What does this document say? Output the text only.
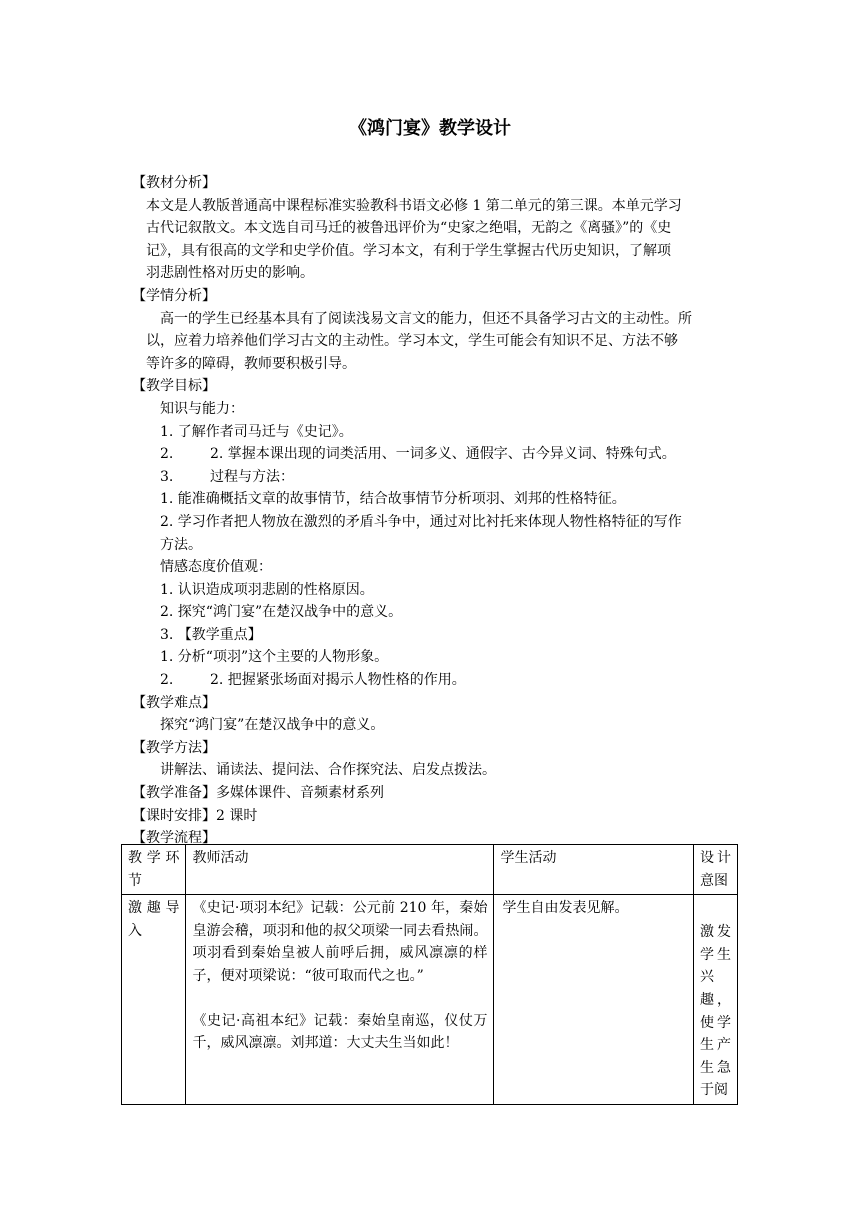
《鸿门宴》教学设计
【教材分析】
本文是人教版普通高中课程标准实验教科书语文必修 1 第二单元的第三课。本单元学习
古代记叙散文。本文选自司马迁的被鲁迅评价为“史家之绝唱，无韵之《离骚》”的《史
记》，具有很高的文学和史学价值。学习本文，有利于学生掌握古代历史知识，了解项
羽悲剧性格对历史的影响。
【学情分析】
高一的学生已经基本具有了阅读浅易文言文的能力，但还不具备学习古文的主动性。所
以，应着力培养他们学习古文的主动性。学习本文，学生可能会有知识不足、方法不够
等许多的障碍，教师要积极引导。
【教学目标】
知识与能力：
1. 了解作者司马迁与《史记》。
2.	2. 掌握本课出现的词类活用、一词多义、通假字、古今异义词、特殊句式。
3.	过程与方法：
1. 能准确概括文章的故事情节，结合故事情节分析项羽、刘邦的性格特征。
2. 学习作者把人物放在激烈的矛盾斗争中，通过对比衬托来体现人物性格特征的写作
方法。
情感态度价值观：
1. 认识造成项羽悲剧的性格原因。
2. 探究“鸿门宴”在楚汉战争中的意义。
3. 【教学重点】
1. 分析“项羽”这个主要的人物形象。
2.	2. 把握紧张场面对揭示人物性格的作用。
【教学难点】
探究“鸿门宴”在楚汉战争中的意义。
【教学方法】
讲解法、诵读法、提问法、合作探究法、启发点拨法。
【教学准备】多媒体课件、音频素材系列
【课时安排】2 课时
【教学流程】
教学环节	教师活动	学生活动	设计意图
激趣导入	《史记·项羽本纪》记载：公元前 210 年，秦始皇游会稽，项羽和他的叔父项梁一同去看热闹。项羽看到秦始皇被人前呼后拥，威风凛凛的样子，便对项梁说：“彼可取而代之也。”
《史记·高祖本纪》记载：秦始皇南巡，仪仗万千，威风凛凛。刘邦道：大丈夫生当如此！	学生自由发表见解。	激发学生兴趣，使学生产生急于阅
